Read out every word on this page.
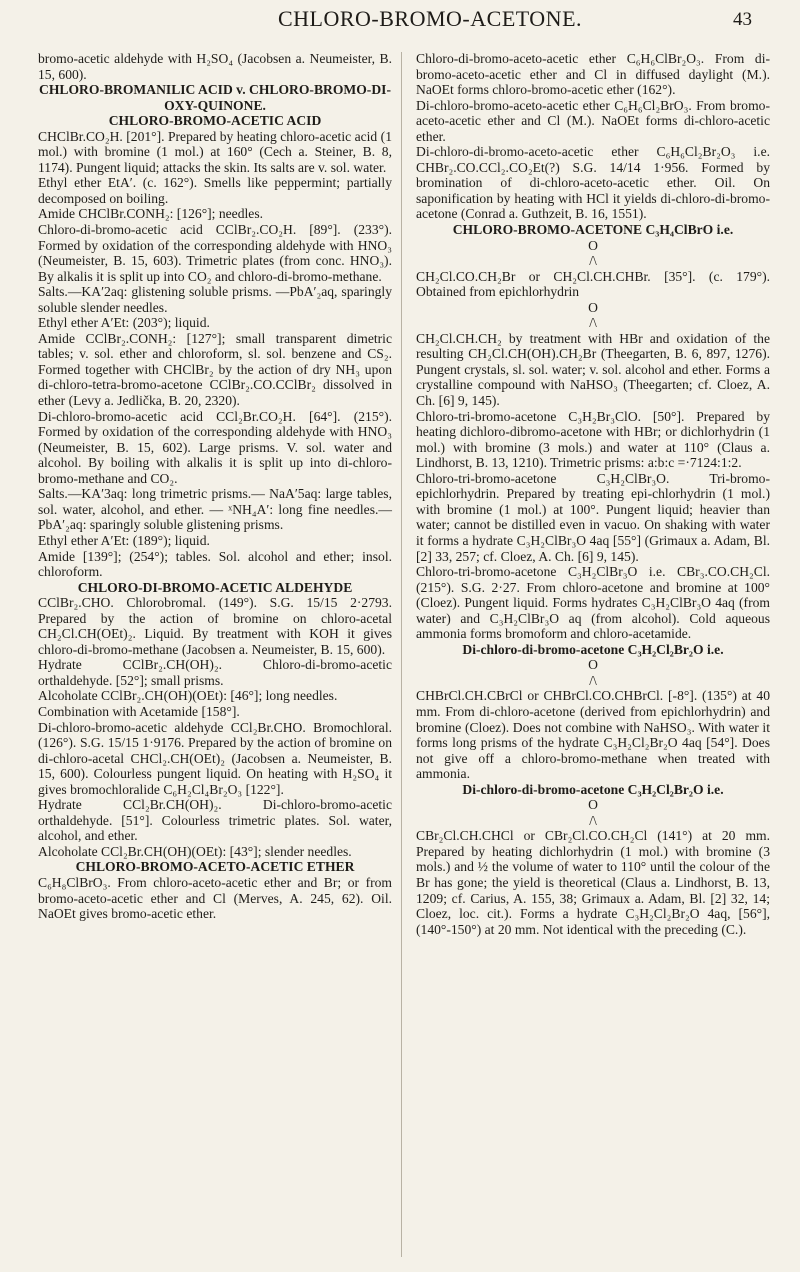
CHLORO-BROMO-ACETONE.	43

bromo-acetic aldehyde with H₂SO₄ (Jacobsen a. Neumeister, B. 15, 600).

CHLORO-BROMANILIC ACID v. CHLORO-BROMO-DI-OXY-QUINONE.

CHLORO-BROMO-ACETIC ACID

CHClBr.CO₂H. [201°]. Prepared by heating chloro-acetic acid (1 mol.) with bromine (1 mol.) at 160° (Cech a. Steiner, B. 8, 1174). Pungent liquid; attacks the skin. Its salts are v. sol. water.

Ethyl ether EtA′. (c. 162°). Smells like peppermint; partially decomposed on boiling.

Amide CHClBr.CONH₂: [126°]; needles.

Chloro-di-bromo-acetic acid CClBr₂.CO₂H. [89°]. (233°). Formed by oxidation of the corresponding aldehyde with HNO₃ (Neumeister, B. 15, 603). Trimetric plates (from conc. HNO₃). By alkalis it is split up into CO₂ and chloro-di-bromo-methane.

Salts.—KA′2aq: glistening soluble prisms. —PbA′₂aq, sparingly soluble slender needles.

Ethyl ether A′Et: (203°); liquid.

Amide CClBr₂.CONH₂: [127°]; small transparent dimetric tables; v. sol. ether and chloroform, sl. sol. benzene and CS₂. Formed together with CHClBr₂ by the action of dry NH₃ upon di-chloro-tetra-bromo-acetone CClBr₂.CO.CClBr₂ dissolved in ether (Levy a. Jedlička, B. 20, 2320).

Di-chloro-bromo-acetic acid CCl₂Br.CO₂H. [64°]. (215°). Formed by oxidation of the corresponding aldehyde with HNO₃ (Neumeister, B. 15, 602). Large prisms. V. sol. water and alcohol. By boiling with alkalis it is split up into di-chloro-bromo-methane and CO₂.

Salts.—KA′3aq: long trimetric prisms.— NaA′5aq: large tables, sol. water, alcohol, and ether. — ˣNH₄A′: long fine needles.—PbA′₂aq: sparingly soluble glistening prisms.

Ethyl ether A′Et: (189°); liquid.

Amide [139°]; (254°); tables. Sol. alcohol and ether; insol. chloroform.

CHLORO-DI-BROMO-ACETIC ALDEHYDE

CClBr₂.CHO. Chlorobromal. (149°). S.G. 15/15 2·2793. Prepared by the action of bromine on chloro-acetal CH₂Cl.CH(OEt)₂. Liquid. By treatment with KOH it gives chloro-di-bromo-methane (Jacobsen a. Neumeister, B. 15, 600).

Hydrate CClBr₂.CH(OH)₂. Chloro-di-bromo-acetic orthaldehyde. [52°]; small prisms.

Alcoholate CClBr₂.CH(OH)(OEt): [46°]; long needles.

Combination with Acetamide [158°].

Di-chloro-bromo-acetic aldehyde CCl₂Br.CHO. Bromochloral. (126°). S.G. 15/15 1·9176. Prepared by the action of bromine on di-chloro-acetal CHCl₂.CH(OEt)₂ (Jacobsen a. Neumeister, B. 15, 600). Colourless pungent liquid. On heating with H₂SO₄ it gives bromochloralide C₆H₂Cl₄Br₂O₃ [122°].

Hydrate CCl₂Br.CH(OH)₂. Di-chloro-bromo-acetic orthaldehyde. [51°]. Colourless trimetric plates. Sol. water, alcohol, and ether.

Alcoholate CCl₂Br.CH(OH)(OEt): [43°]; slender needles.

CHLORO-BROMO-ACETO-ACETIC ETHER

C₆H₈ClBrO₃. From chloro-aceto-acetic ether and Br; or from bromo-aceto-acetic ether and Cl (Merves, A. 245, 62). Oil. NaOEt gives bromo-acetic ether.

Chloro-di-bromo-aceto-acetic ether C₆H₆ClBr₂O₃. From di-bromo-aceto-acetic ether and Cl in diffused daylight (M.). NaOEt forms chloro-bromo-acetic ether (162°).

Di-chloro-bromo-aceto-acetic ether C₆H₆Cl₂BrO₃. From bromo-aceto-acetic ether and Cl (M.). NaOEt forms di-chloro-acetic ether.

Di-chloro-di-bromo-aceto-acetic ether C₆H₆Cl₂Br₂O₃ i.e. CHBr₂.CO.CCl₂.CO₂Et(?) S.G. 14/14 1·956. Formed by bromination of di-chloro-aceto-acetic ether. Oil. On saponification by heating with HCl it yields di-chloro-di-bromo-acetone (Conrad a. Guthzeit, B. 16, 1551).

CHLORO-BROMO-ACETONE C₃H₄ClBrO i.e.

O

/\

CH₂Cl.CO.CH₂Br or CH₂Cl.CH.CHBr. [35°]. (c. 179°). Obtained from epichlorhydrin

O

/\

CH₂Cl.CH.CH₂ by treatment with HBr and oxidation of the resulting CH₂Cl.CH(OH).CH₂Br (Theegarten, B. 6, 897, 1276). Pungent crystals, sl. sol. water; v. sol. alcohol and ether. Forms a crystalline compound with NaHSO₃ (Theegarten; cf. Cloez, A. Ch. [6] 9, 145).

Chloro-tri-bromo-acetone C₃H₂Br₃ClO. [50°]. Prepared by heating dichloro-dibromo-acetone with HBr; or dichlorhydrin (1 mol.) with bromine (3 mols.) and water at 110° (Claus a. Lindhorst, B. 13, 1210). Trimetric prisms: a:b:c =·7124:1:2.

Chloro-tri-bromo-acetone C₃H₂ClBr₃O. Tri-bromo-epichlorhydrin. Prepared by treating epi-chlorhydrin (1 mol.) with bromine (1 mol.) at 100°. Pungent liquid; heavier than water; cannot be distilled even in vacuo. On shaking with water it forms a hydrate C₃H₂ClBr₃O 4aq [55°] (Grimaux a. Adam, Bl. [2] 33, 257; cf. Cloez, A. Ch. [6] 9, 145).

Chloro-tri-bromo-acetone C₃H₂ClBr₃O i.e. CBr₃.CO.CH₂Cl. (215°). S.G. 2·27. From chloro-acetone and bromine at 100° (Cloez). Pungent liquid. Forms hydrates C₃H₂ClBr₃O 4aq (from water) and C₃H₂ClBr₃O aq (from alcohol). Cold aqueous ammonia forms bromoform and chloro-acetamide.

Di-chloro-di-bromo-acetone C₃H₂Cl₂Br₂O i.e.

O

/\

CHBrCl.CH.CBrCl or CHBrCl.CO.CHBrCl. [-8°]. (135°) at 40 mm. From di-chloro-acetone (derived from epichlorhydrin) and bromine (Cloez). Does not combine with NaHSO₃. With water it forms long prisms of the hydrate C₃H₂Cl₂Br₂O 4aq [54°]. Does not give off a chloro-bromo-methane when treated with ammonia.

Di-chloro-di-bromo-acetone C₃H₂Cl₂Br₂O i.e.

O

/\

CBr₂Cl.CH.CHCl or CBr₂Cl.CO.CH₂Cl (141°) at 20 mm. Prepared by heating dichlorhydrin (1 mol.) with bromine (3 mols.) and ½ the volume of water to 110° until the colour of the Br has gone; the yield is theoretical (Claus a. Lindhorst, B. 13, 1209; cf. Carius, A. 155, 38; Grimaux a. Adam, Bl. [2] 32, 14; Cloez, loc. cit.). Forms a hydrate C₃H₂Cl₂Br₂O 4aq, [56°], (140°-150°) at 20 mm. Not identical with the preceding (C.).
